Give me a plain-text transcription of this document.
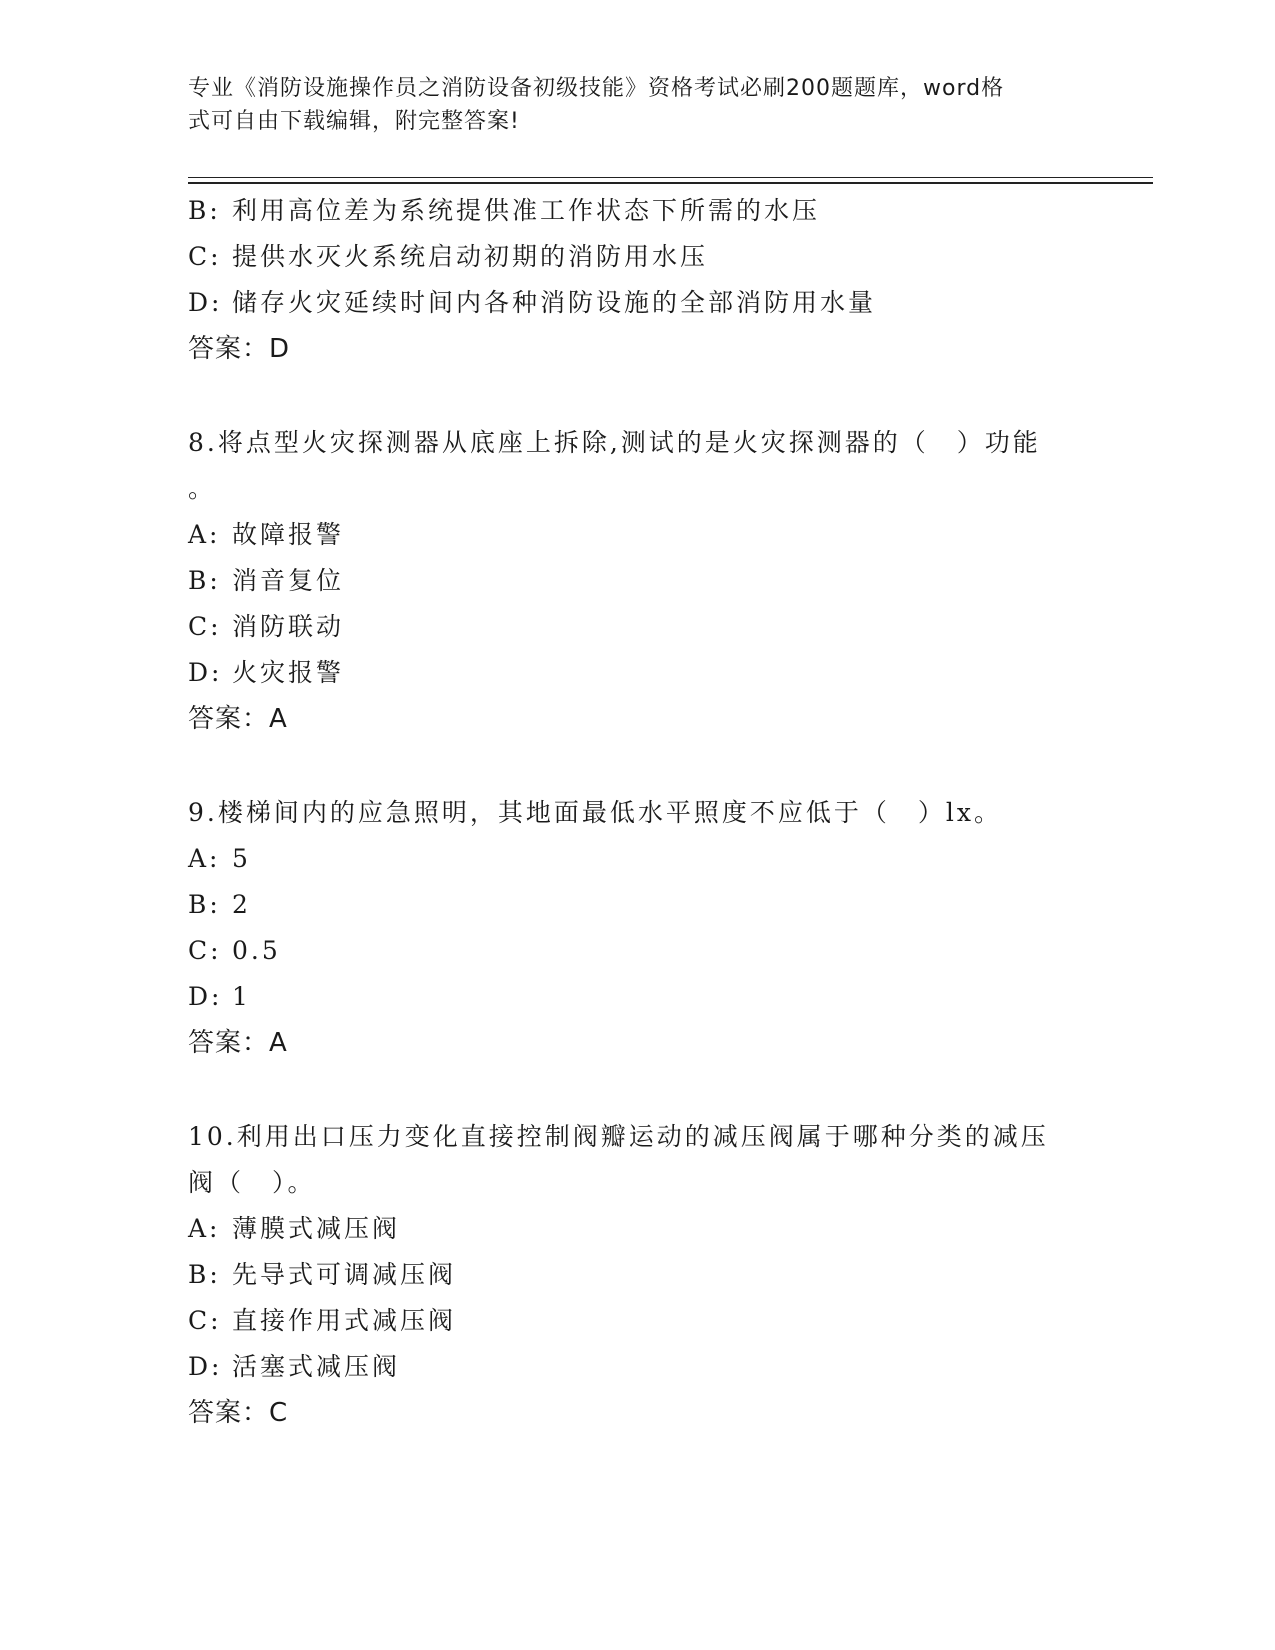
专业《消防设施操作员之消防设备初级技能》资格考试必刷200题题库，word格
式可自由下载编辑，附完整答案!
B: 利用高位差为系统提供准工作状态下所需的水压
C: 提供水灭火系统启动初期的消防用水压
D: 储存火灾延续时间内各种消防设施的全部消防用水量
答案：D
8.将点型火灾探测器从底座上拆除,测试的是火灾探测器的（　）功能
。
A: 故障报警
B: 消音复位
C: 消防联动
D: 火灾报警
答案：A
9.楼梯间内的应急照明，其地面最低水平照度不应低于（　）lx。
A: 5
B: 2
C: 0.5
D: 1
答案：A
10.利用出口压力变化直接控制阀瓣运动的减压阀属于哪种分类的减压
阀（　）。
A: 薄膜式减压阀
B: 先导式可调减压阀
C: 直接作用式减压阀
D: 活塞式减压阀
答案：C
